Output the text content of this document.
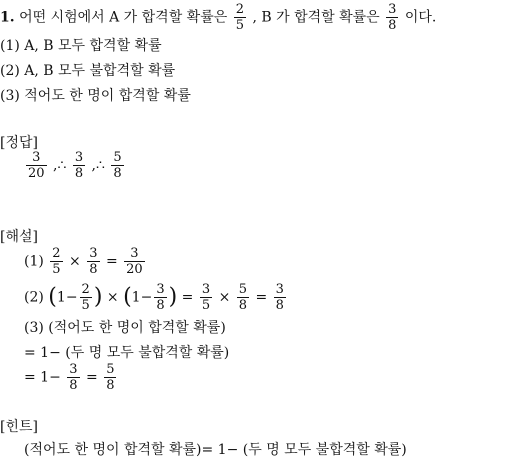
1. 어떤 시험에서 A 가 합격할 확률은 $\frac{2}{5}$ , B 가 합격할 확률은 $\frac{3}{8}$ 이다.
(1) A, B 모두 합격할 확률
(2) A, B 모두 불합격할 확률
(3) 적어도 한 명이 합격할 확률
[정답]
$\frac{3}{20}$ ,∴ $\frac{3}{8}$ ,∴ $\frac{5}{8}$
[해설]
$(1) \frac{2}{5} \times \frac{3}{8} = \frac{3}{20}$
(2) ($1- \frac{2}{5}$ ) × ($1- \frac{3}{8}$ ) = $\frac{3}{5} \times \frac{5}{8} = \frac{3}{8}$
(3) (적어도 한 명이 합격할 확률)
= 1− (두 명 모두 불합격할 확률)
= $1- \frac{3}{8} = \frac{5}{8}$
[힌트]
(적어도 한 명이 합격할 확률)= 1− (두 명 모두 불합격할 확률)
